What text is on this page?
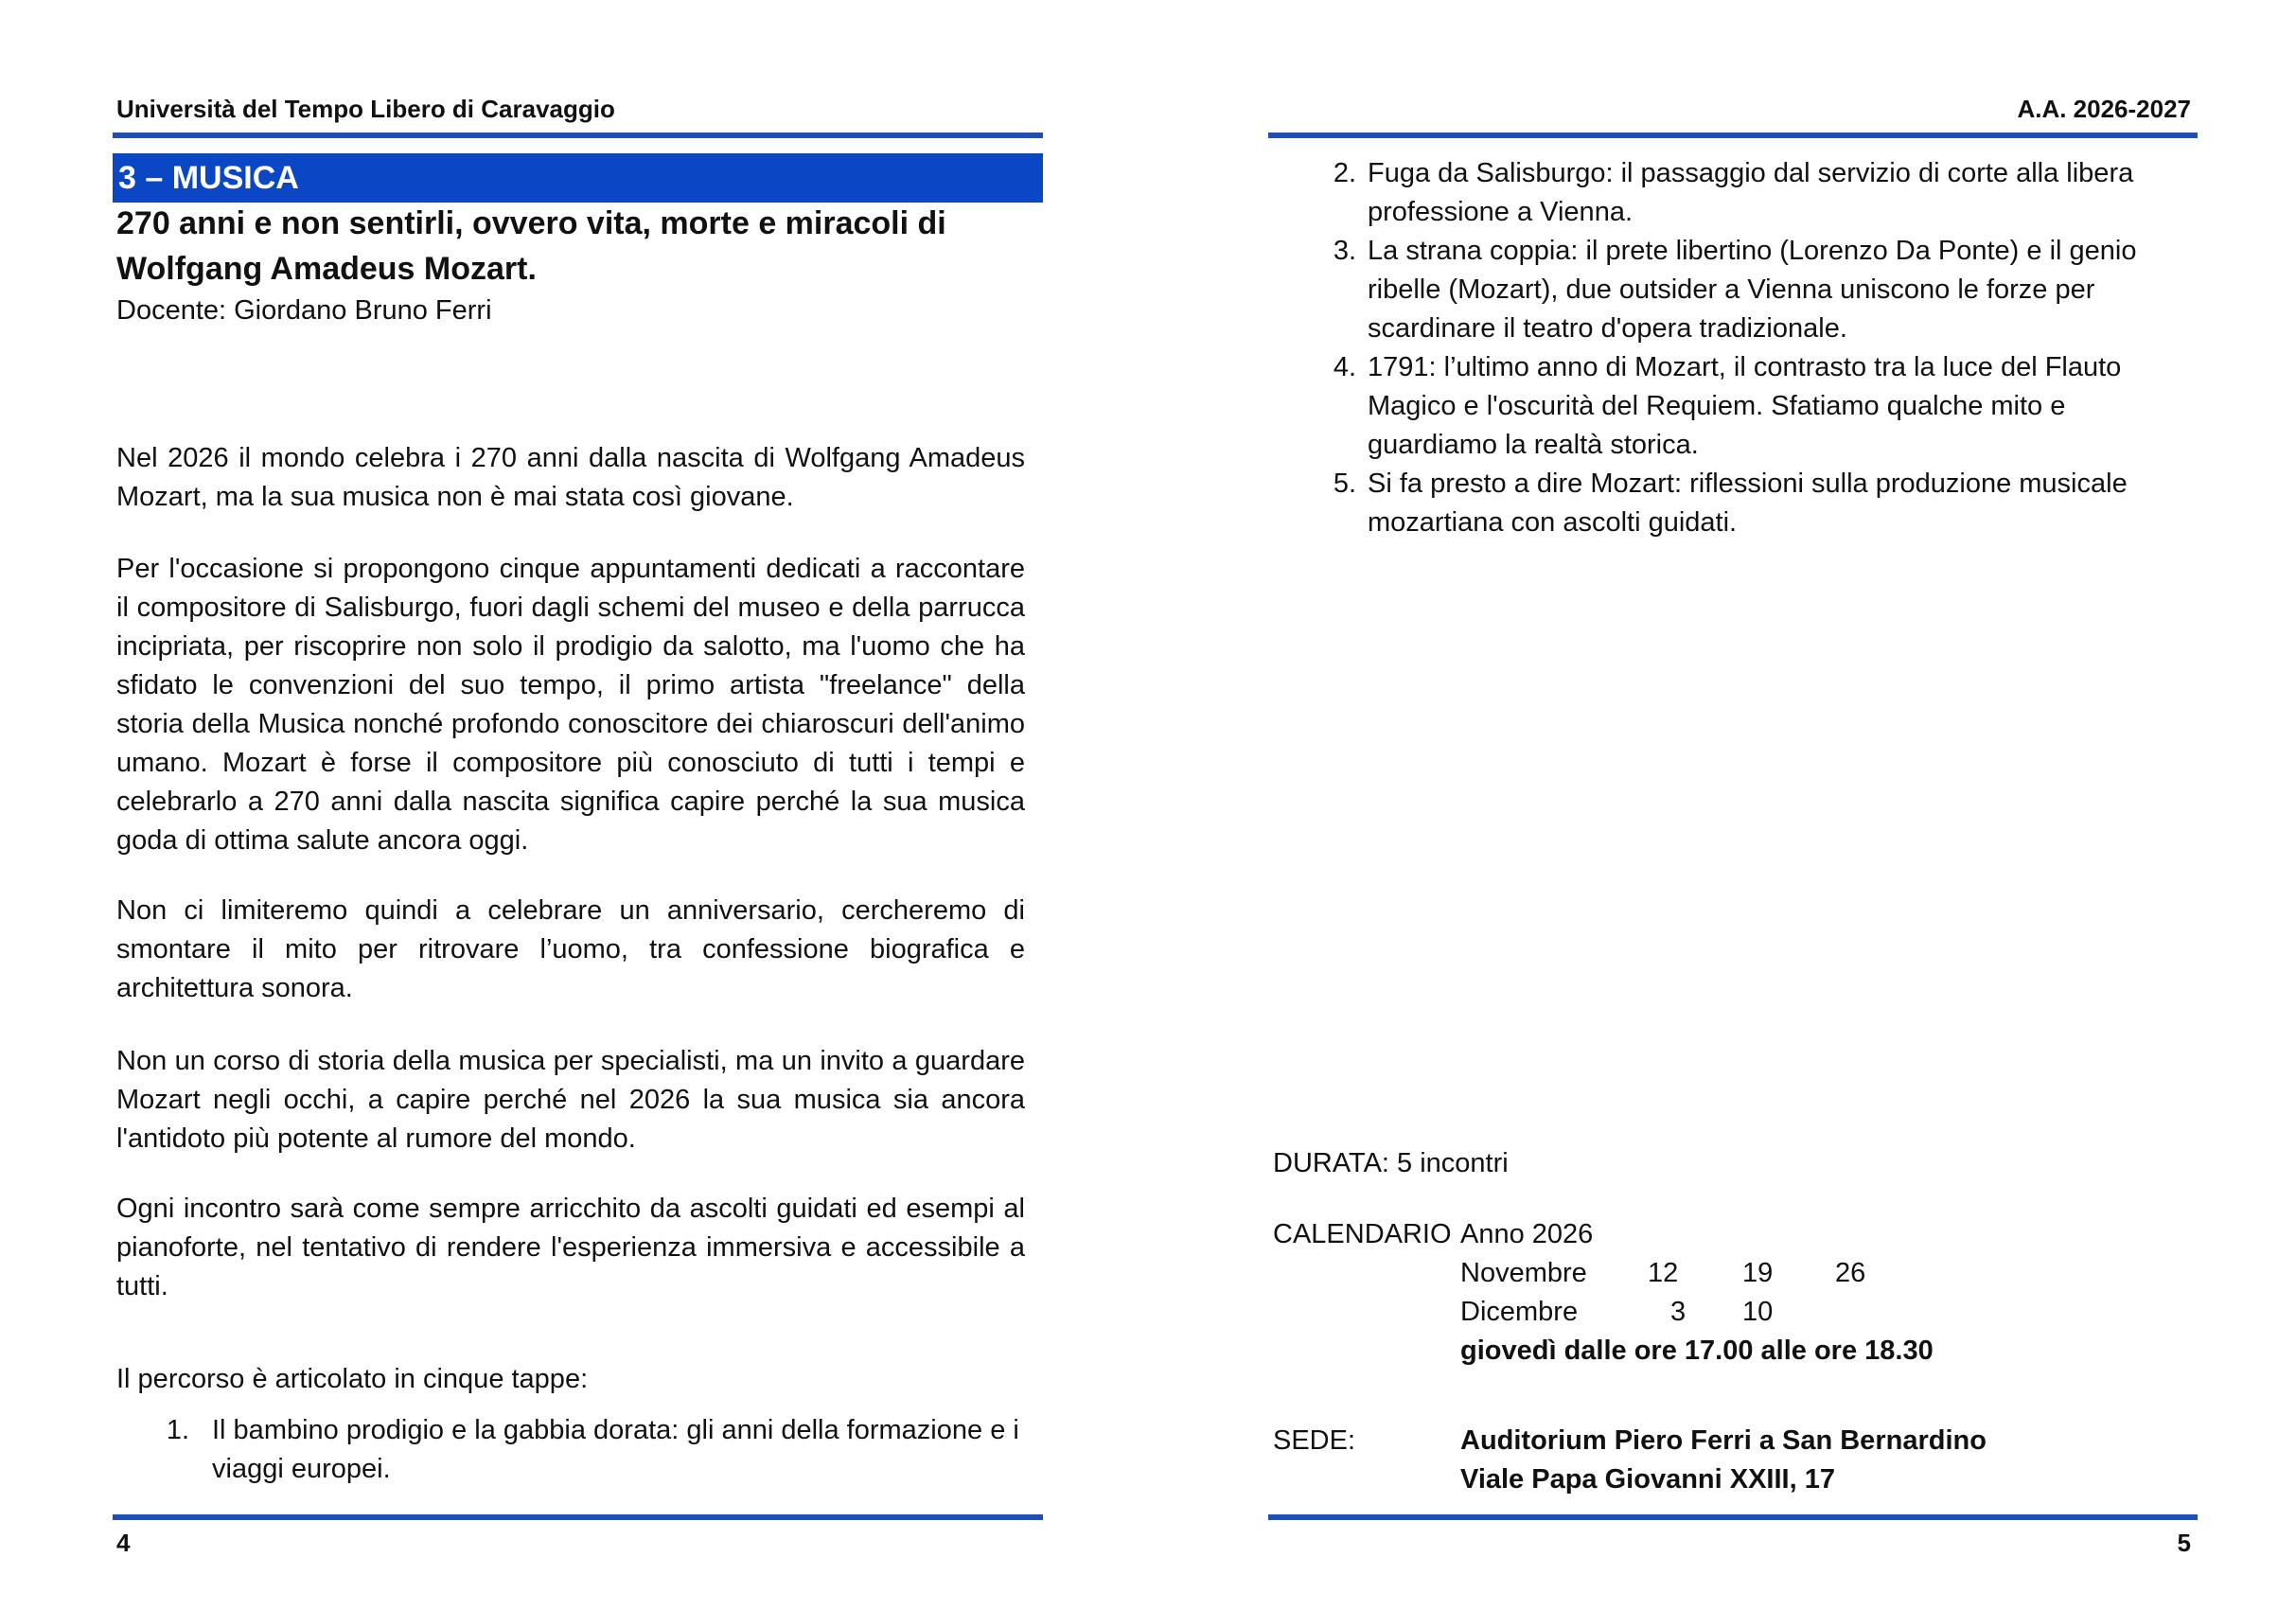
Università del Tempo Libero di Caravaggio
3 – MUSICA
270 anni e non sentirli, ovvero vita, morte e miracoli di
Wolfgang Amadeus Mozart.
Docente: Giordano Bruno Ferri
Nel 2026 il mondo celebra i 270 anni dalla nascita di Wolfgang Amadeus Mozart, ma la sua musica non è mai stata così giovane.
Per l'occasione si propongono cinque appuntamenti dedicati a raccontare il compositore di Salisburgo, fuori dagli schemi del museo e della parrucca incipriata, per riscoprire non solo il prodigio da salotto, ma l'uomo che ha sfidato le convenzioni del suo tempo, il primo artista "freelance" della storia della Musica nonché profondo conoscitore dei chiaroscuri dell'animo umano. Mozart è forse il compositore più conosciuto di tutti i tempi e celebrarlo a 270 anni dalla nascita significa capire perché la sua musica goda di ottima salute ancora oggi.
Non ci limiteremo quindi a celebrare un anniversario, cercheremo di smontare il mito per ritrovare l’uomo, tra confessione biografica e architettura sonora.
Non un corso di storia della musica per specialisti, ma un invito a guardare Mozart negli occhi, a capire perché nel 2026 la sua musica sia ancora l'antidoto più potente al rumore del mondo.
Ogni incontro sarà come sempre arricchito da ascolti guidati ed esempi al pianoforte, nel tentativo di rendere l'esperienza immersiva e accessibile a tutti.
Il percorso è articolato in cinque tappe:
1. Il bambino prodigio e la gabbia dorata: gli anni della formazione e i viaggi europei.
4
A.A. 2026-2027
2. Fuga da Salisburgo: il passaggio dal servizio di corte alla libera professione a Vienna.
3. La strana coppia: il prete libertino (Lorenzo Da Ponte) e il genio ribelle (Mozart), due outsider a Vienna uniscono le forze per scardinare il teatro d'opera tradizionale.
4. 1791: l’ultimo anno di Mozart, il contrasto tra la luce del Flauto Magico e l'oscurità del Requiem. Sfatiamo qualche mito e guardiamo la realtà storica.
5. Si fa presto a dire Mozart: riflessioni sulla produzione musicale mozartiana con ascolti guidati.
DURATA: 5 incontri
CALENDARIO Anno 2026
Novembre 12 19 26
Dicembre	3 10
giovedì dalle ore 17.00 alle ore 18.30
SEDE:	Auditorium Piero Ferri a San Bernardino
Viale Papa Giovanni XXIII, 17
5
